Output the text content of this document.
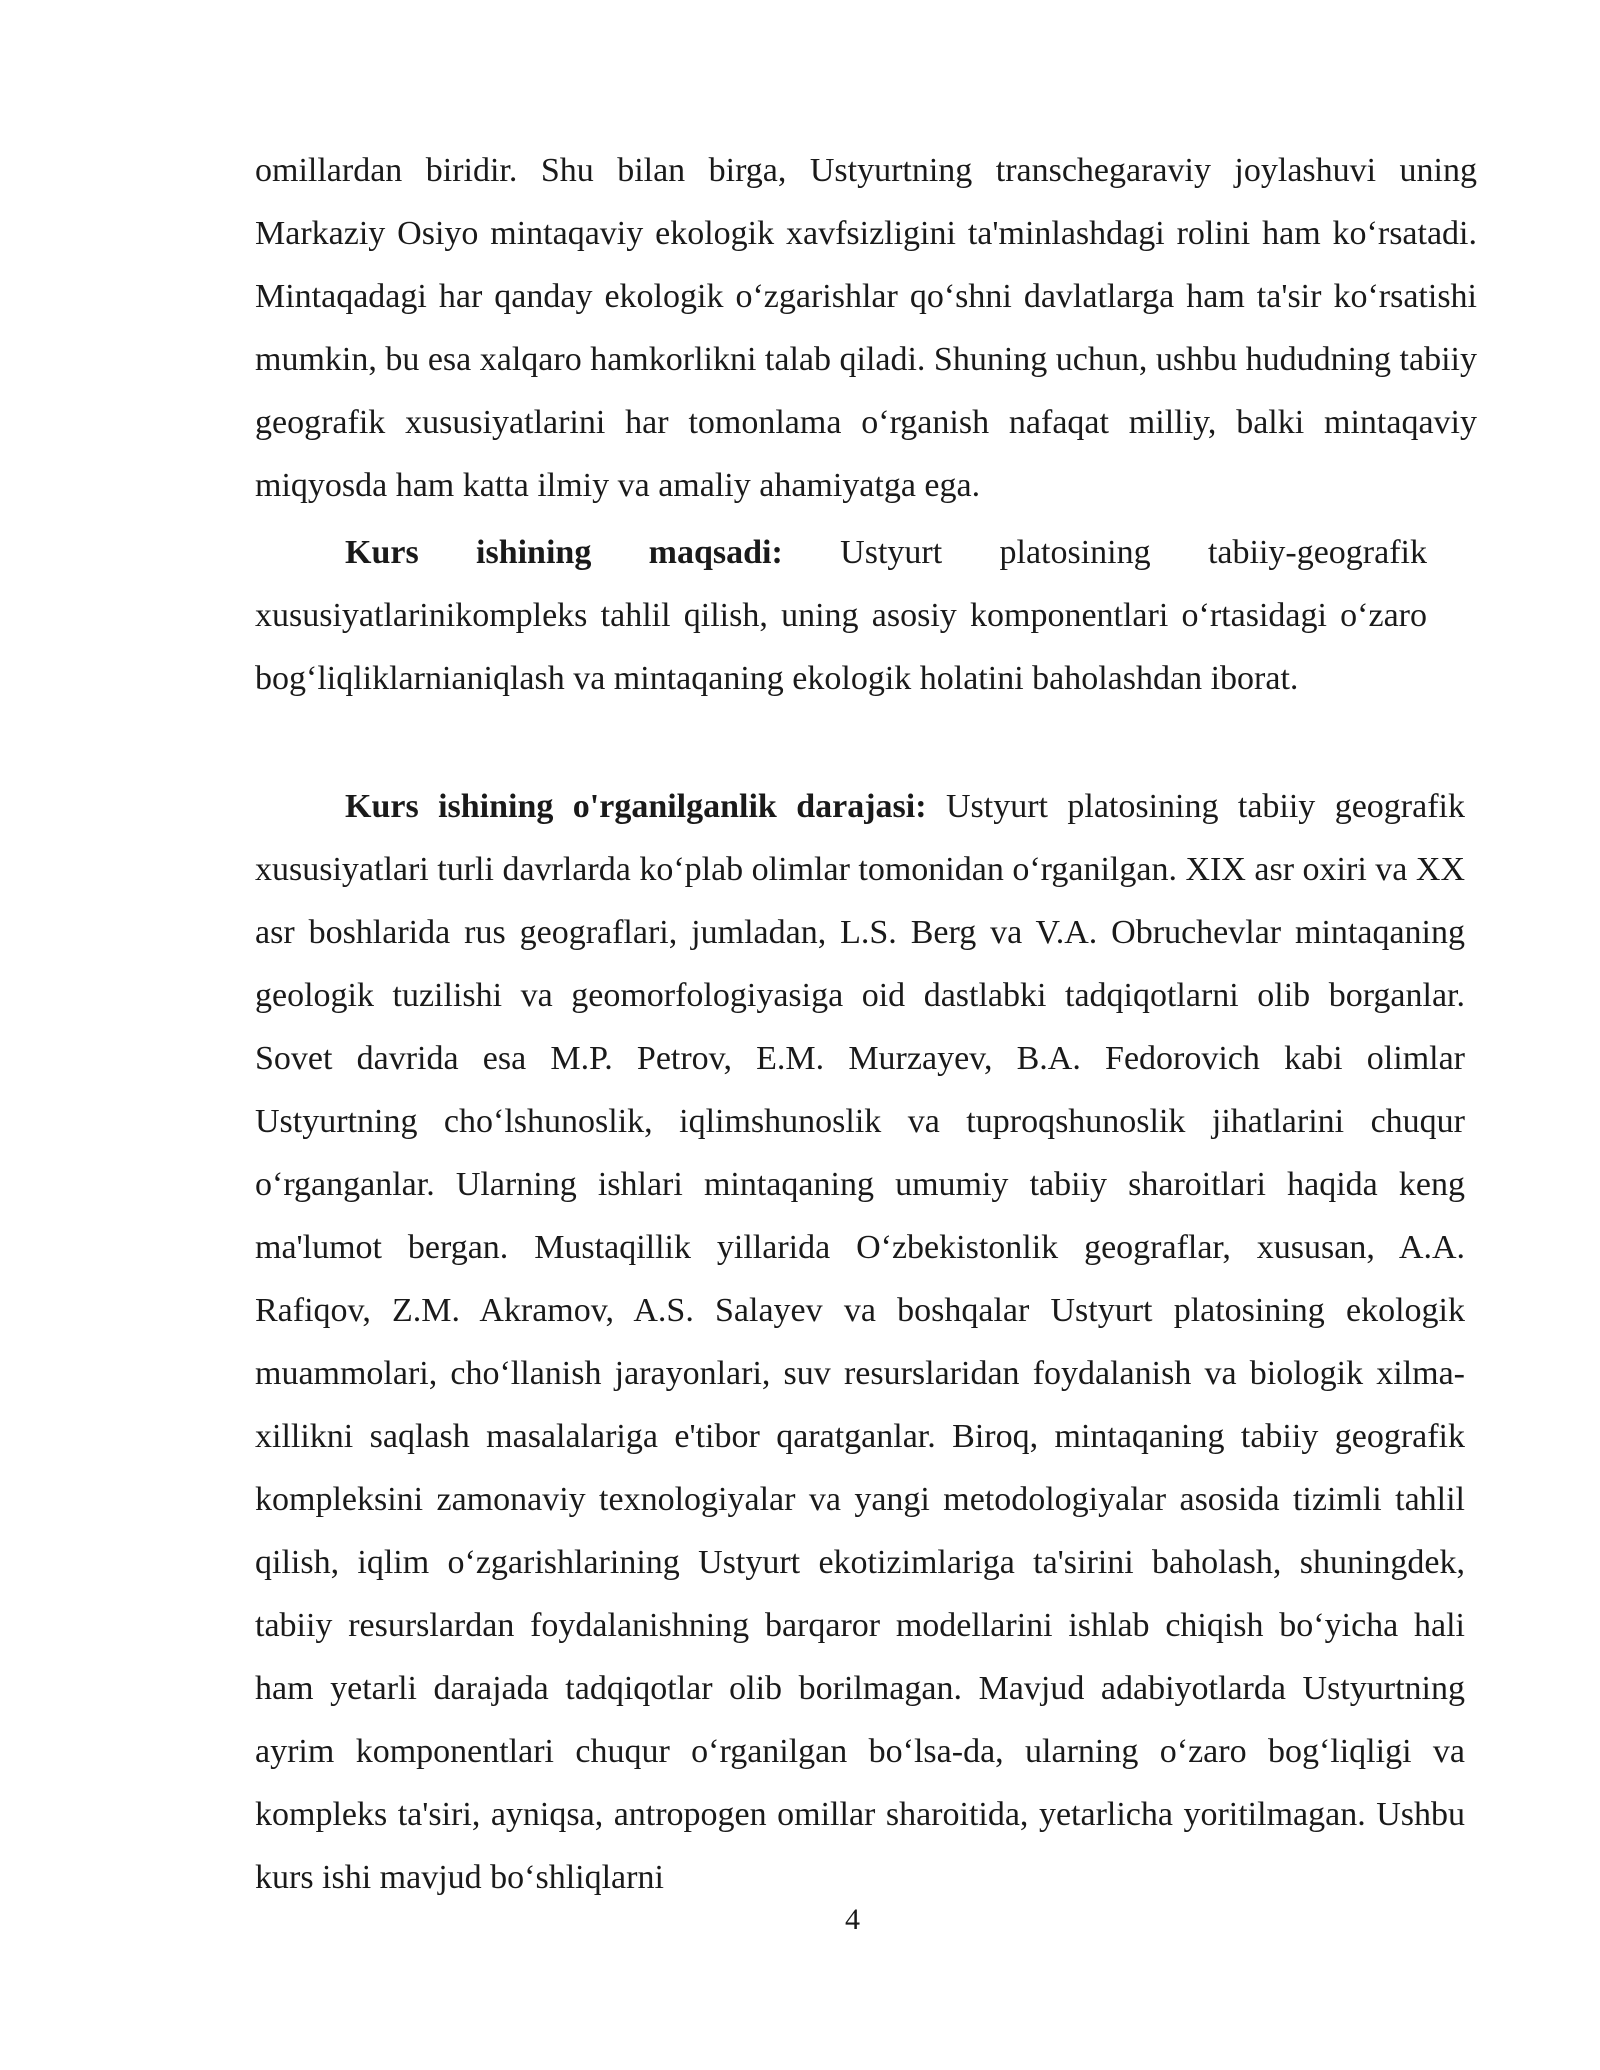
omillardan biridir. Shu bilan birga, Ustyurtning transchegaraviy joylashuvi uning Markaziy Osiyo mintaqaviy ekologik xavfsizligini ta'minlashdagi rolini ham ko‘rsatadi. Mintaqadagi har qanday ekologik o‘zgarishlar qo‘shni davlatlarga ham ta'sir ko‘rsatishi mumkin, bu esa xalqaro hamkorlikni talab qiladi. Shuning uchun, ushbu hududning tabiiy geografik xususiyatlarini har tomonlama o‘rganish nafaqat milliy, balki mintaqaviy miqyosda ham katta ilmiy va amaliy ahamiyatga ega.

Kurs ishining maqsadi: Ustyurt platosining tabiiy-geografik xususiyatlarinikompleks tahlil qilish, uning asosiy komponentlari o‘rtasidagi o‘zaro bog‘liqliklarnianiqlash va mintaqaning ekologik holatini baholashdan iborat.

Kurs ishining o'rganilganlik darajasi: Ustyurt platosining tabiiy geografik xususiyatlari turli davrlarda ko‘plab olimlar tomonidan o‘rganilgan. XIX asr oxiri va XX asr boshlarida rus geograflari, jumladan, L.S. Berg va V.A. Obruchevlar mintaqaning geologik tuzilishi va geomorfologiyasiga oid dastlabki tadqiqotlarni olib borganlar. Sovet davrida esa M.P. Petrov, E.M. Murzayev, B.A. Fedorovich kabi olimlar Ustyurtning cho‘lshunoslik, iqlimshunoslik va tuproqshunoslik jihatlarini chuqur o‘rganganlar. Ularning ishlari mintaqaning umumiy tabiiy sharoitlari haqida keng ma'lumot bergan. Mustaqillik yillarida O‘zbekistonlik geograflar, xususan, A.A. Rafiqov, Z.M. Akramov, A.S. Salayev va boshqalar Ustyurt platosining ekologik muammolari, cho‘llanish jarayonlari, suv resurslaridan foydalanish va biologik xilma-xillikni saqlash masalalariga e'tibor qaratganlar. Biroq, mintaqaning tabiiy geografik kompleksini zamonaviy texnologiyalar va yangi metodologiyalar asosida tizimli tahlil qilish, iqlim o‘zgarishlarining Ustyurt ekotizimlariga ta'sirini baholash, shuningdek, tabiiy resurslardan foydalanishning barqaror modellarini ishlab chiqish bo‘yicha hali ham yetarli darajada tadqiqotlar olib borilmagan. Mavjud adabiyotlarda Ustyurtning ayrim komponentlari chuqur o‘rganilgan bo‘lsa-da, ularning o‘zaro bog‘liqligi va kompleks ta'siri, ayniqsa, antropogen omillar sharoitida, yetarlicha yoritilmagan. Ushbu kurs ishi mavjud bo‘shliqlarni

4
